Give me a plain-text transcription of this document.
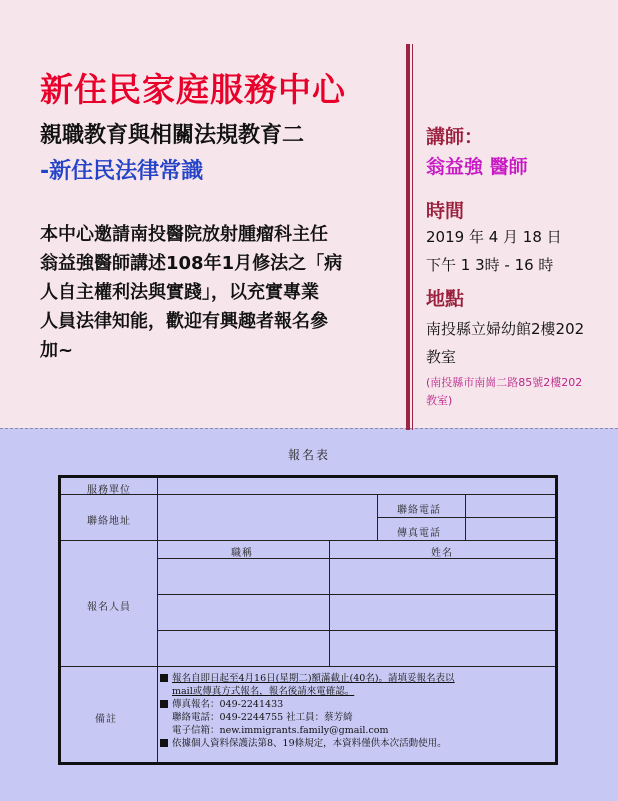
新住民家庭服務中心
親職教育與相關法規教育二
-新住民法律常識
本中心邀請南投醫院放射腫瘤科主任
翁益強醫師講述108年1月修法之「病
人自主權利法與實踐」，以充實專業
人員法律知能，歡迎有興趣者報名參
加~
講師：
翁益強 醫師
時間
2019 年 4 月 18 日
下午 1 3時 - 16 時
地點
南投縣立婦幼館2樓202
教室
(南投縣市南崗二路85號2樓202
教室)
報名表
服務單位
聯絡地址
聯絡電話
傳真電話
職稱	姓名
報名人員
備註
報名自即日起至4月16日(星期二)額滿截止(40名)。請填妥報名表以
mail或傳真方式報名，報名後請來電確認。
傳真報名：049-2241433
聯絡電話：049-2244755 社工員：蔡芳綺
電子信箱：new.immigrants.family@gmail.com
依據個人資料保護法第8、19條規定，本資料僅供本次活動使用。
